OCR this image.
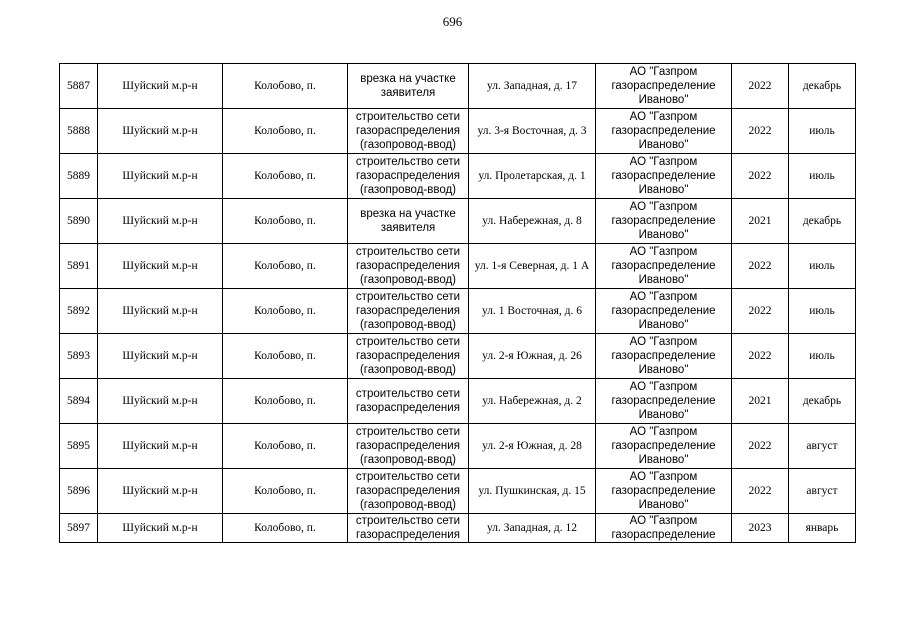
696
5887	Шуйский м.р-н	Колобово, п.	врезка на участке заявителя	ул. Западная, д. 17	АО "Газпром газораспределение Иваново"	2022	декабрь
5888	Шуйский м.р-н	Колобово, п.	строительство сети газораспределения (газопровод-ввод)	ул. 3-я Восточная, д. 3	АО "Газпром газораспределение Иваново"	2022	июль
5889	Шуйский м.р-н	Колобово, п.	строительство сети газораспределения (газопровод-ввод)	ул. Пролетарская, д. 1	АО "Газпром газораспределение Иваново"	2022	июль
5890	Шуйский м.р-н	Колобово, п.	врезка на участке заявителя	ул. Набережная, д. 8	АО "Газпром газораспределение Иваново"	2021	декабрь
5891	Шуйский м.р-н	Колобово, п.	строительство сети газораспределения (газопровод-ввод)	ул. 1-я Северная, д. 1 А	АО "Газпром газораспределение Иваново"	2022	июль
5892	Шуйский м.р-н	Колобово, п.	строительство сети газораспределения (газопровод-ввод)	ул. 1 Восточная, д. 6	АО "Газпром газораспределение Иваново"	2022	июль
5893	Шуйский м.р-н	Колобово, п.	строительство сети газораспределения (газопровод-ввод)	ул. 2-я Южная, д. 26	АО "Газпром газораспределение Иваново"	2022	июль
5894	Шуйский м.р-н	Колобово, п.	строительство сети газораспределения	ул. Набережная, д. 2	АО "Газпром газораспределение Иваново"	2021	декабрь
5895	Шуйский м.р-н	Колобово, п.	строительство сети газораспределения (газопровод-ввод)	ул. 2-я Южная, д. 28	АО "Газпром газораспределение Иваново"	2022	август
5896	Шуйский м.р-н	Колобово, п.	строительство сети газораспределения (газопровод-ввод)	ул. Пушкинская, д. 15	АО "Газпром газораспределение Иваново"	2022	август
5897	Шуйский м.р-н	Колобово, п.	строительство сети газораспределения	ул. Западная, д. 12	АО "Газпром газораспределение	2023	январь
